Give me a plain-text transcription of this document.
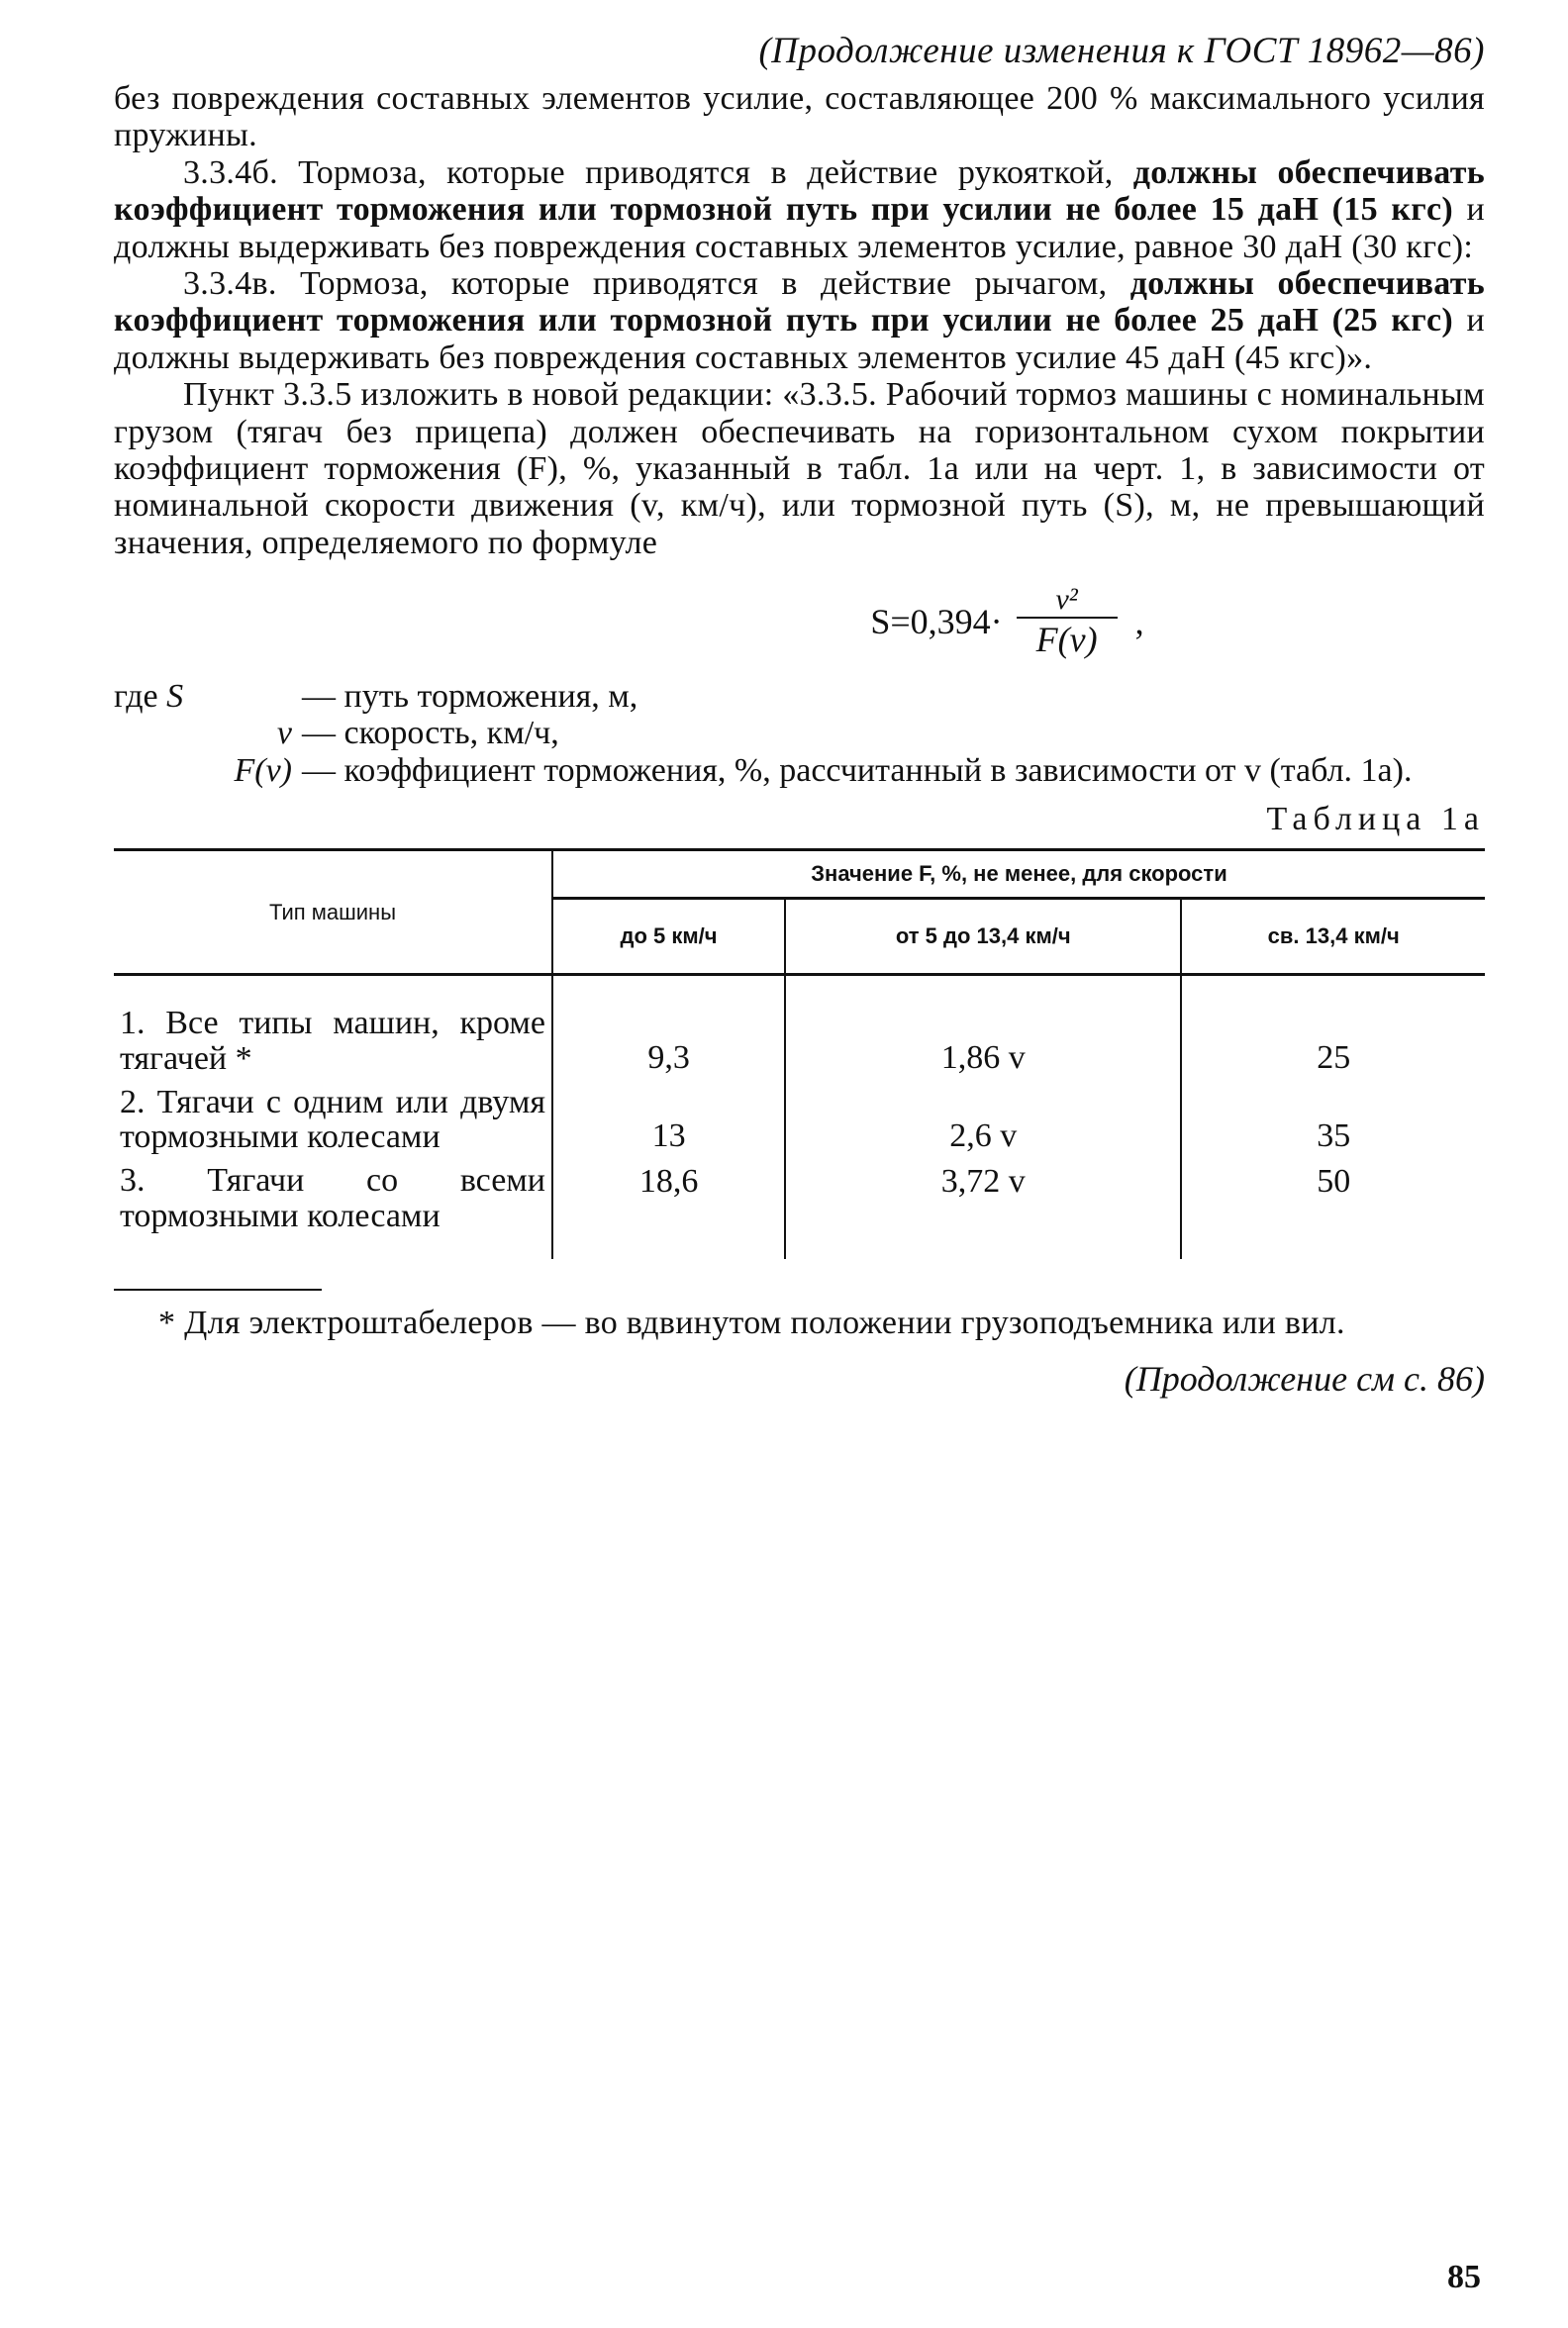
(Продолжение изменения к ГОСТ 18962—86)

без повреждения составных элементов усилие, составляющее 200 % максимального усилия пружины.

3.3.4б. Тормоза, которые приводятся в действие рукояткой, должны обеспечивать коэффициент торможения или тормозной путь при усилии не более 15 даН (15 кгс) и должны выдерживать без повреждения составных элементов усилие, равное 30 даН (30 кгс):

3.3.4в. Тормоза, которые приводятся в действие рычагом, должны обеспечивать коэффициент торможения или тормозной путь при усилии не более 25 даН (25 кгс) и должны выдерживать без повреждения составных элементов усилие 45 даН (45 кгс)».

Пункт 3.3.5 изложить в новой редакции: «3.3.5. Рабочий тормоз машины с номинальным грузом (тягач без прицепа) должен обеспечивать на горизонтальном сухом покрытии коэффициент торможения (F), %, указанный в табл. 1а или на черт. 1, в зависимости от номинальной скорости движения (v, км/ч), или тормозной путь (S), м, не превышающий значения, определяемого по формуле

$S=0,394\cdot \frac{\text{v²}}{F(v)}$ ,
где S	— путь торможения, м,
v — скорость, км/ч,
F(v) — коэффициент торможения, %, рассчитанный в зависимости от v (табл. 1а).
Таблица 1а
Тип машины	Значение F, %, не менее, для скорости		
	до 5 км/ч	от 5 до 13,4 км/ч	св. 13,4 км/ч
1. Все типы машин, кроме тягачей *	9,3	1,86 v	25
2. Тягачи с одним или двумя тормозными колесами	13	2,6 v	35
3. Тягачи со всеми тормозными колесами	18,6	3,72 v	50

* Для электроштабелеров — во вдвинутом положении грузоподъемника или вил.

(Продолжение см с. 86)
85
